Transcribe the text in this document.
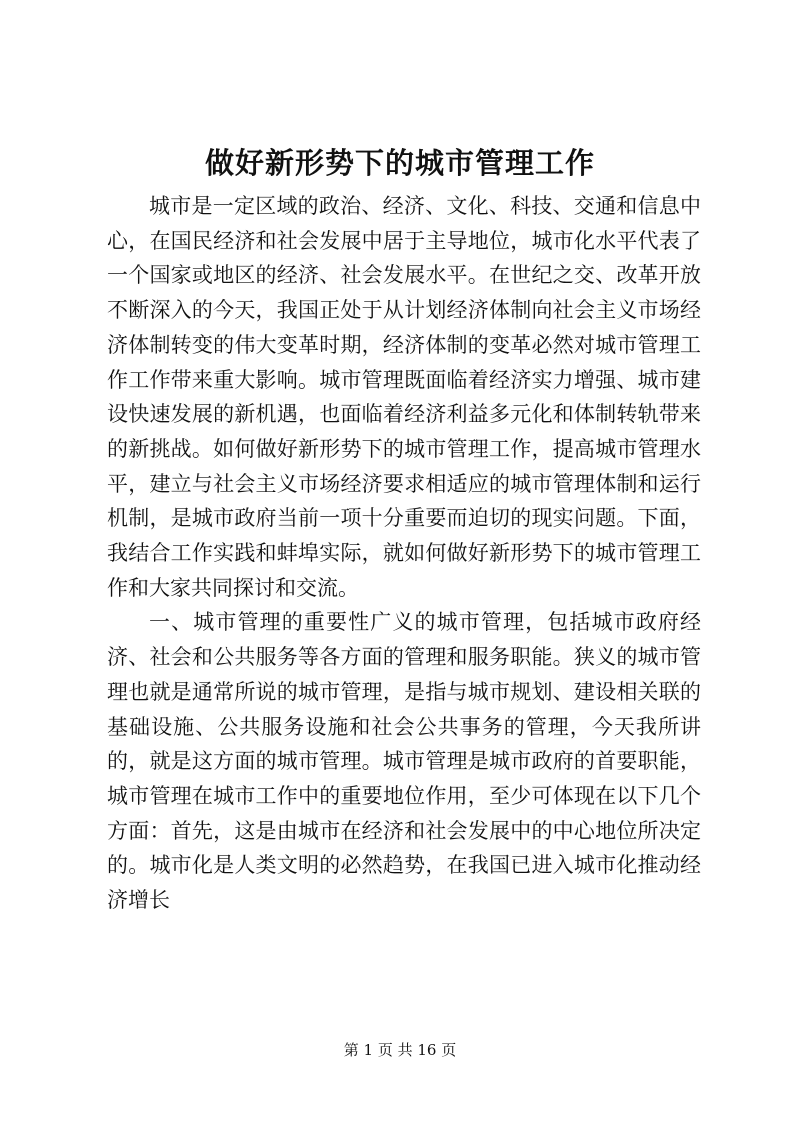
做好新形势下的城市管理工作

城市是一定区域的政治、经济、文化、科技、交通和信息中心，在国民经济和社会发展中居于主导地位，城市化水平代表了一个国家或地区的经济、社会发展水平。在世纪之交、改革开放不断深入的今天，我国正处于从计划经济体制向社会主义市场经济体制转变的伟大变革时期，经济体制的变革必然对城市管理工作工作带来重大影响。城市管理既面临着经济实力增强、城市建设快速发展的新机遇，也面临着经济利益多元化和体制转轨带来的新挑战。如何做好新形势下的城市管理工作，提高城市管理水平，建立与社会主义市场经济要求相适应的城市管理体制和运行机制，是城市政府当前一项十分重要而迫切的现实问题。下面，我结合工作实践和蚌埠实际，就如何做好新形势下的城市管理工作和大家共同探讨和交流。

一、城市管理的重要性广义的城市管理，包括城市政府经济、社会和公共服务等各方面的管理和服务职能。狭义的城市管理也就是通常所说的城市管理，是指与城市规划、建设相关联的基础设施、公共服务设施和社会公共事务的管理，今天我所讲的，就是这方面的城市管理。城市管理是城市政府的首要职能，城市管理在城市工作中的重要地位作用，至少可体现在以下几个方面：首先，这是由城市在经济和社会发展中的中心地位所决定的。城市化是人类文明的必然趋势，在我国已进入城市化推动经济增长

第 1 页 共 16 页
